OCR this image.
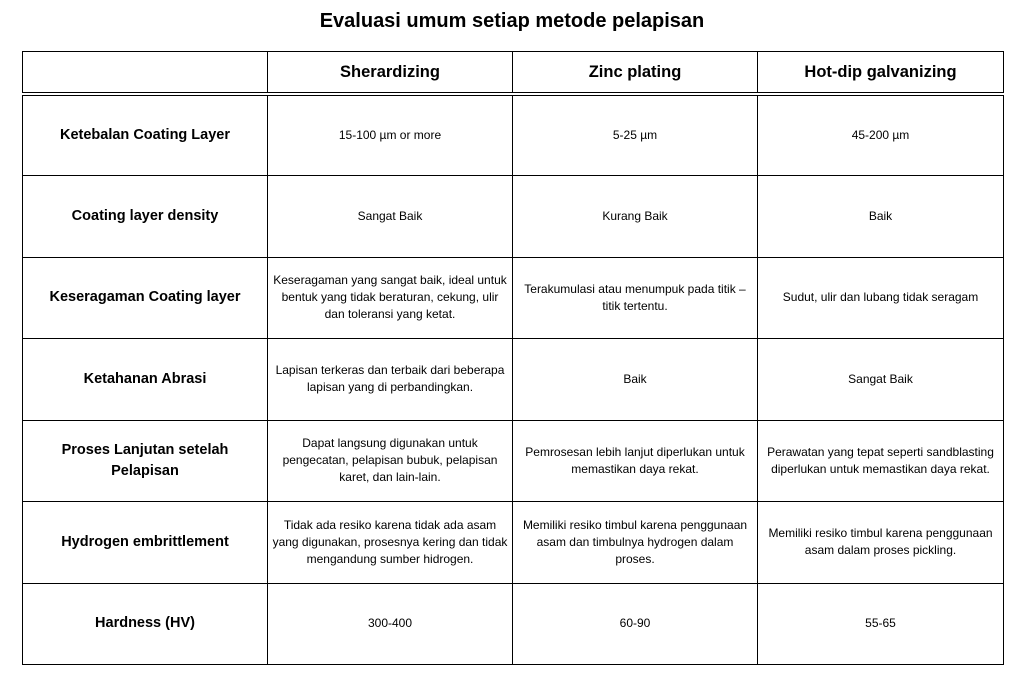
Evaluasi umum setiap metode pelapisan
	Sherardizing	Zinc plating	Hot-dip galvanizing
Ketebalan Coating Layer	15-100 µm or more	5-25 µm	45-200 µm
Coating layer density	Sangat Baik	Kurang Baik	Baik
Keseragaman Coating layer	Keseragaman yang sangat baik, ideal untuk bentuk yang tidak beraturan, cekung, ulir dan toleransi yang ketat.	Terakumulasi atau menumpuk pada titik – titik tertentu.	Sudut, ulir dan lubang tidak seragam
Ketahanan Abrasi	Lapisan terkeras dan terbaik dari beberapa lapisan yang di perbandingkan.	Baik	Sangat Baik
Proses Lanjutan setelah Pelapisan	Dapat langsung digunakan untuk pengecatan, pelapisan bubuk, pelapisan karet, dan lain-lain.	Pemrosesan lebih lanjut diperlukan untuk memastikan daya rekat.	Perawatan yang tepat seperti sandblasting diperlukan untuk memastikan daya rekat.
Hydrogen embrittlement	Tidak ada resiko karena tidak ada asam yang digunakan, prosesnya kering dan tidak mengandung sumber hidrogen.	Memiliki resiko timbul karena penggunaan asam dan timbulnya hydrogen dalam proses.	Memiliki resiko timbul karena penggunaan asam dalam proses pickling.
Hardness (HV)	300-400	60-90	55-65
